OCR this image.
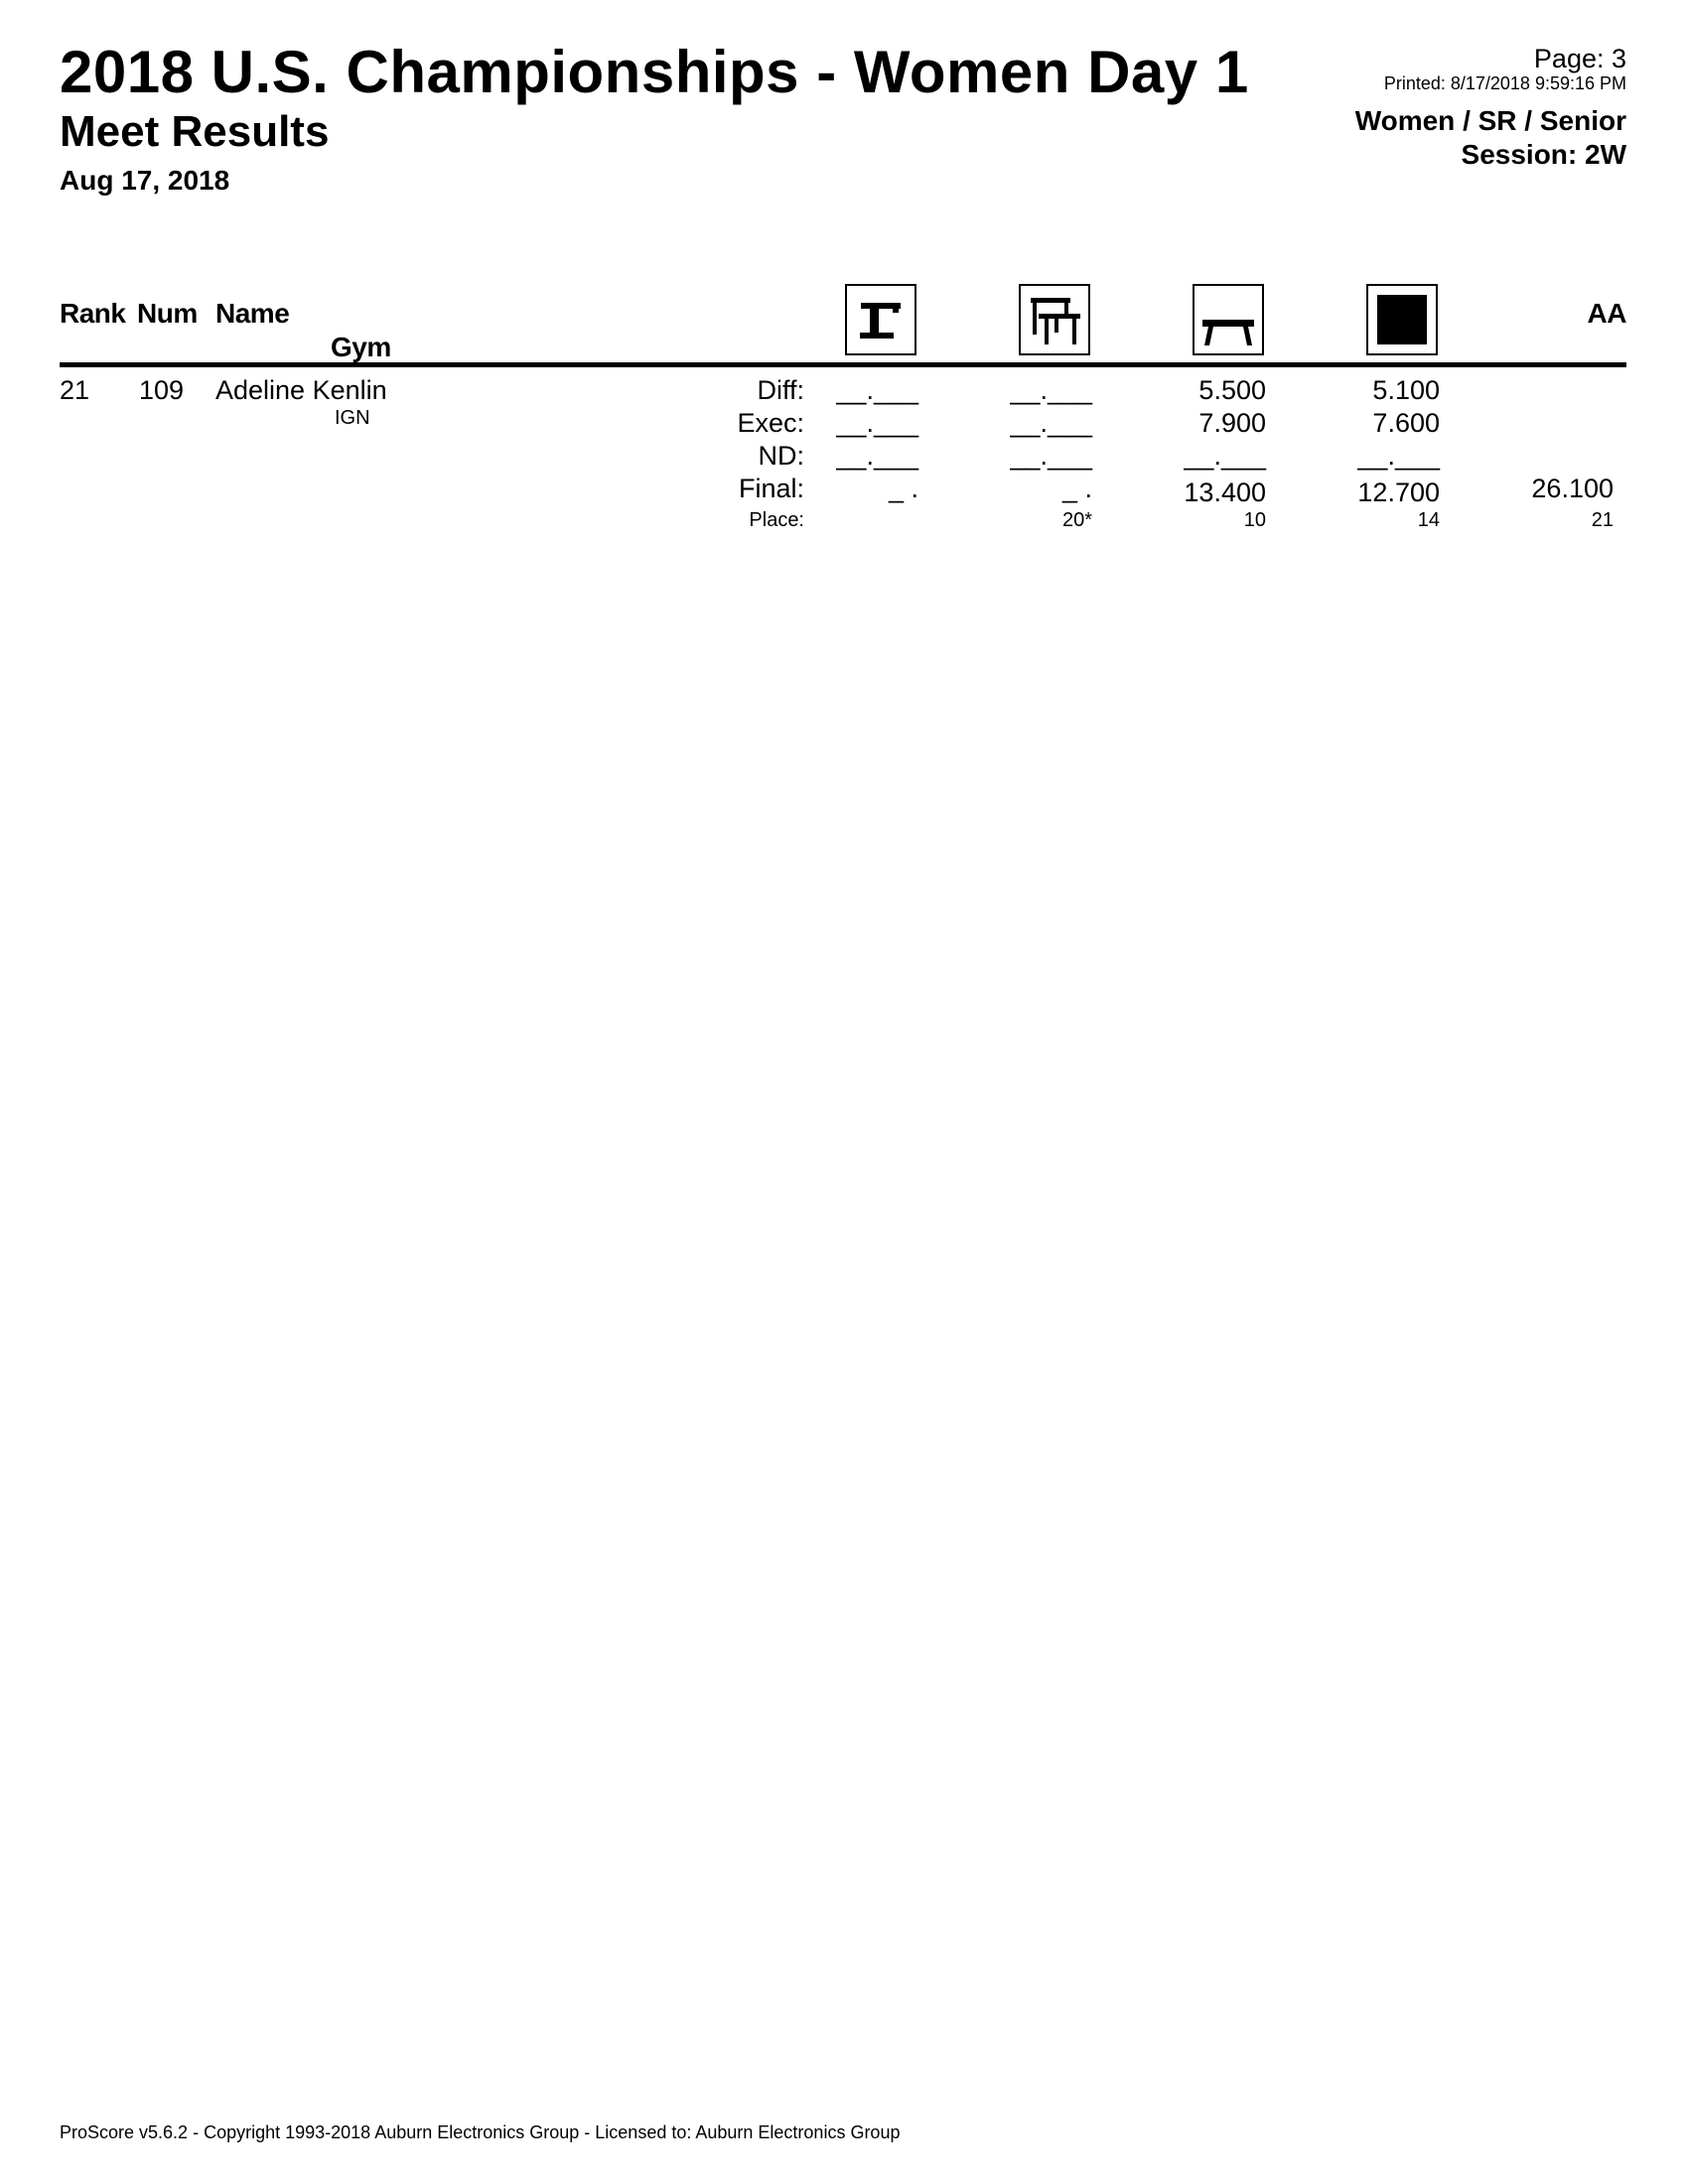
2018 U.S. Championships - Women Day 1
Meet Results
Aug 17, 2018
Page: 3
Printed: 8/17/2018 9:59:16 PM
Women / SR / Senior
Session: 2W
Rank Num Name
Gym
AA
21 109 Adeline Kenlin
IGN
Diff:
Exec:
ND:
Final:
Place:
__.___
__.___
__.___
_ .
__.___
__.___
__.___
_ .
20*
5.500
7.900
__.___
13.400
10
5.100
7.600
__.___
12.700
14
26.100
21
ProScore v5.6.2 - Copyright 1993-2018 Auburn Electronics Group - Licensed to: Auburn Electronics Group
